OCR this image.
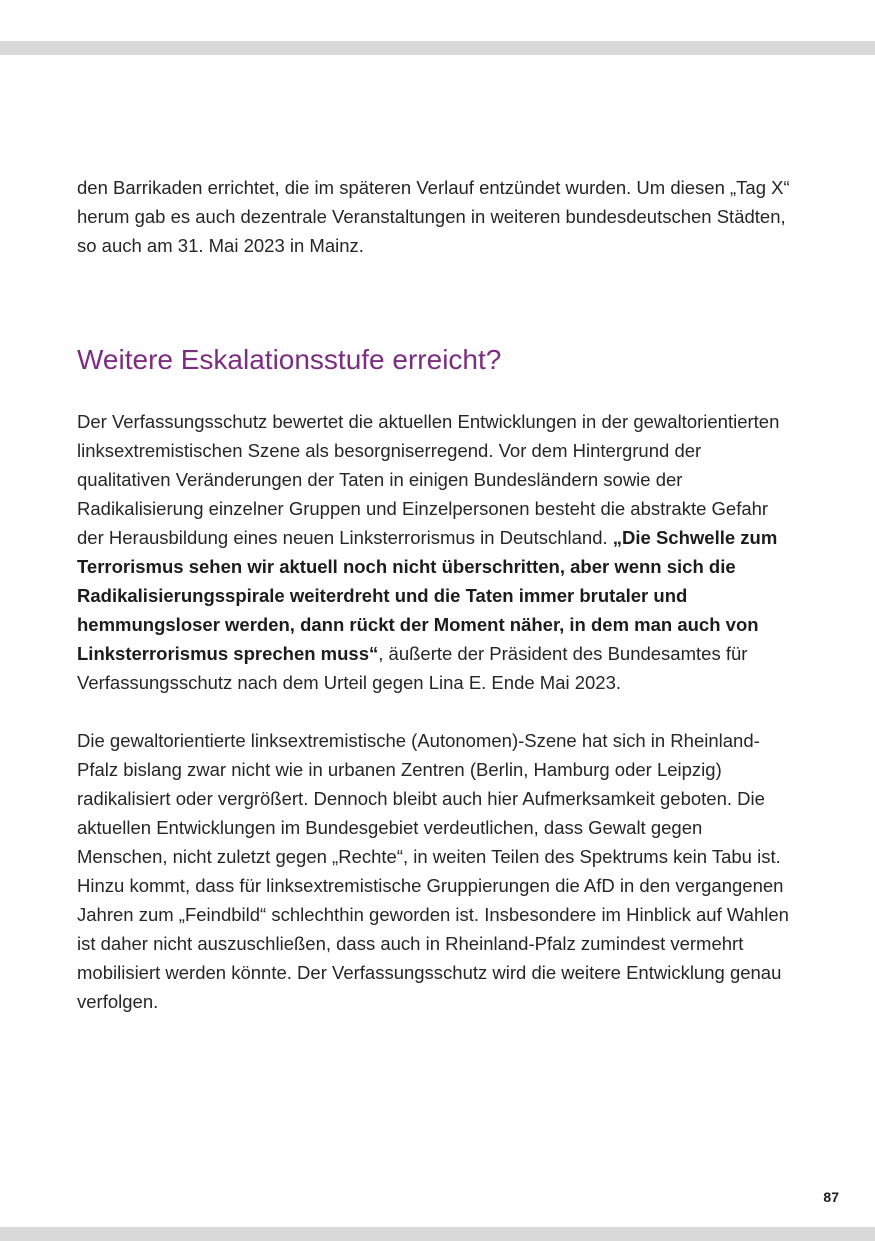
den Barrikaden errichtet, die im späteren Verlauf entzündet wurden. Um diesen „Tag X“ herum gab es auch dezentrale Veranstaltungen in weiteren bundesdeutschen Städten, so auch am 31. Mai 2023 in Mainz.

Weitere Eskalationsstufe erreicht?

Der Verfassungsschutz bewertet die aktuellen Entwicklungen in der gewaltorientierten linksextremistischen Szene als besorgniserregend. Vor dem Hintergrund der qualitativen Veränderungen der Taten in einigen Bundesländern sowie der Radikalisierung einzelner Gruppen und Einzelpersonen besteht die abstrakte Gefahr der Herausbildung eines neuen Linksterrorismus in Deutschland. „Die Schwelle zum Terrorismus sehen wir aktuell noch nicht überschritten, aber wenn sich die Radikalisierungsspirale weiterdreht und die Taten immer brutaler und hemmungsloser werden, dann rückt der Moment näher, in dem man auch von Linksterrorismus sprechen muss“, äußerte der Präsident des Bundesamtes für Verfassungsschutz nach dem Urteil gegen Lina E. Ende Mai 2023.

Die gewaltorientierte linksextremistische (Autonomen)-Szene hat sich in Rheinland-Pfalz bislang zwar nicht wie in urbanen Zentren (Berlin, Hamburg oder Leipzig) radikalisiert oder vergrößert. Dennoch bleibt auch hier Aufmerksamkeit geboten. Die aktuellen Entwicklungen im Bundesgebiet verdeutlichen, dass Gewalt gegen Menschen, nicht zuletzt gegen „Rechte“, in weiten Teilen des Spektrums kein Tabu ist. Hinzu kommt, dass für linksextremistische Gruppierungen die AfD in den vergangenen Jahren zum „Feindbild“ schlechthin geworden ist. Insbesondere im Hinblick auf Wahlen ist daher nicht auszuschließen, dass auch in Rheinland-Pfalz zumindest vermehrt mobilisiert werden könnte. Der Verfassungsschutz wird die weitere Entwicklung genau verfolgen.

87
